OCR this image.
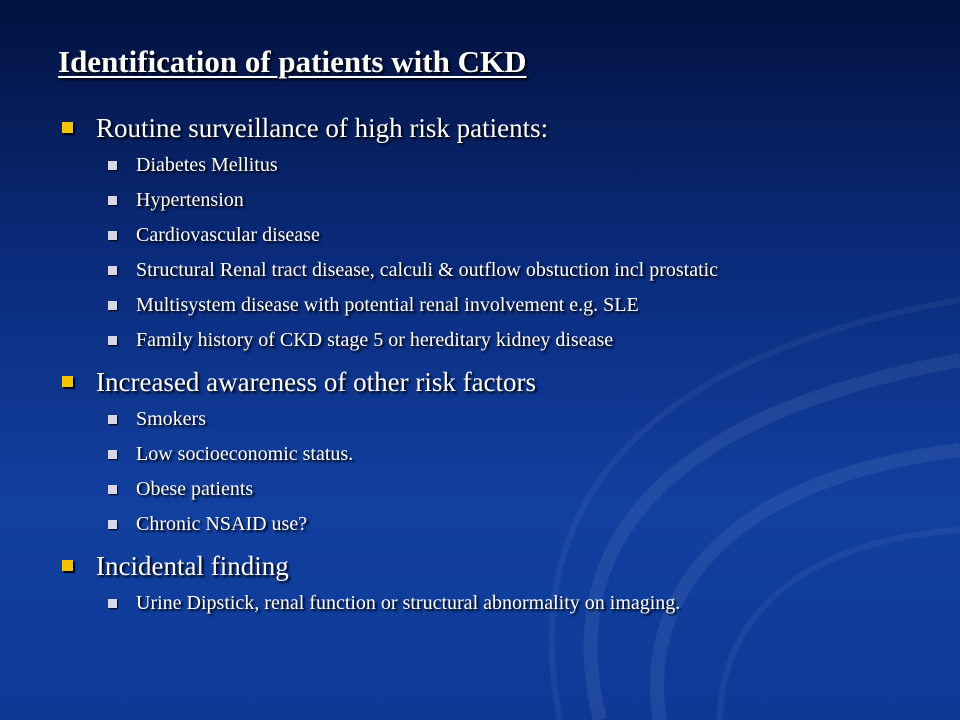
Identification of patients with CKD
Routine surveillance of high risk patients:
Diabetes Mellitus
Hypertension
Cardiovascular disease
Structural Renal tract disease, calculi & outflow obstuction incl prostatic
Multisystem disease with potential renal involvement e.g. SLE
Family history of CKD stage 5 or hereditary kidney disease
Increased awareness of other risk factors
Smokers
Low socioeconomic status.
Obese patients
Chronic NSAID use?
Incidental finding
Urine Dipstick, renal function or structural abnormality on imaging.
